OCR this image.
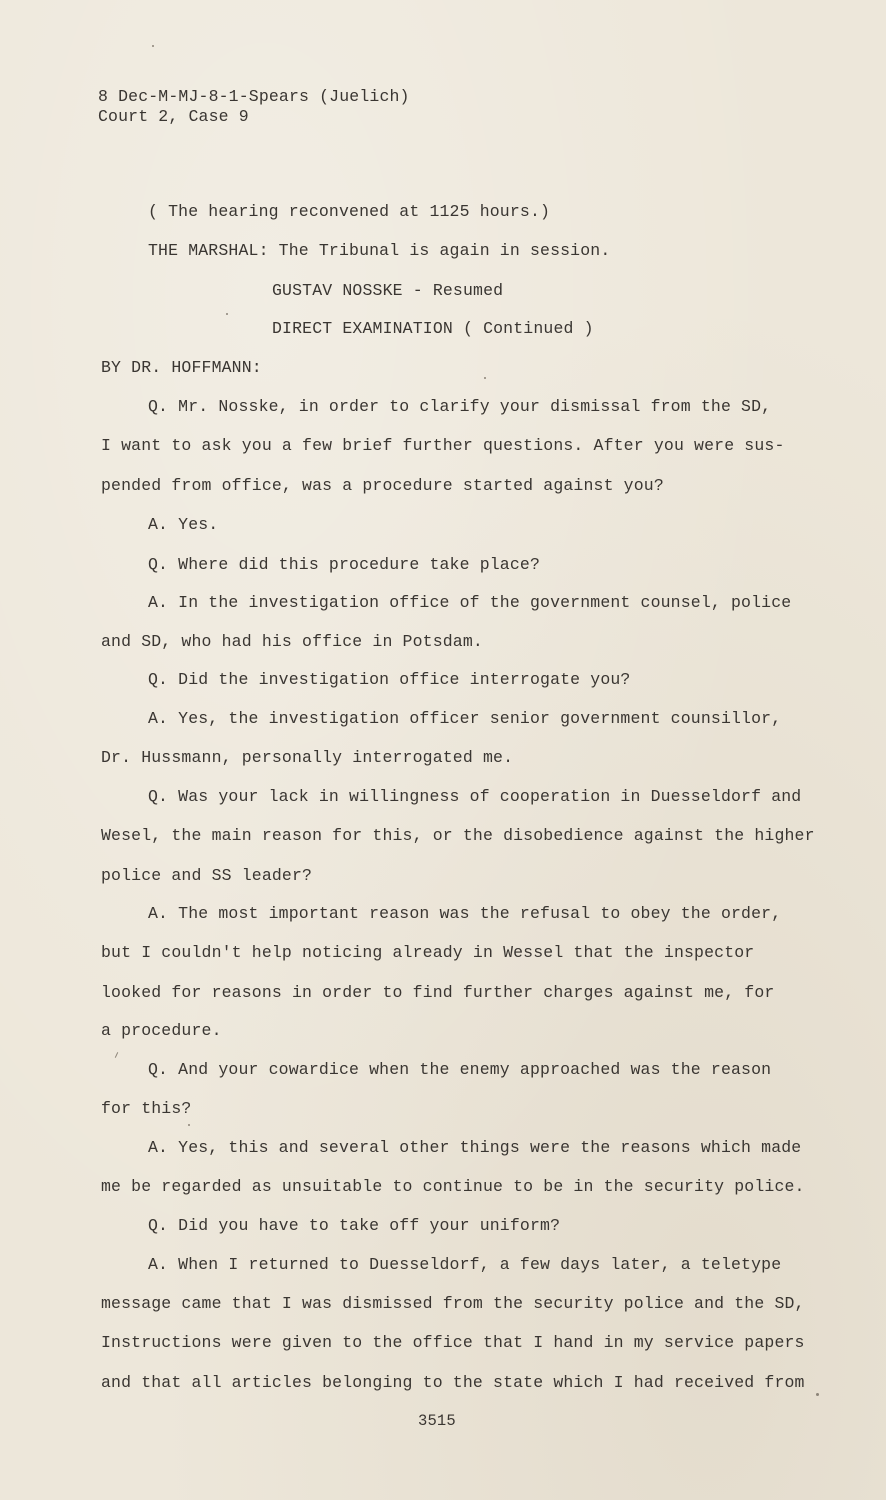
8 Dec-M-MJ-8-1-Spears (Juelich)
Court 2, Case 9
( The hearing reconvened at 1125 hours.)
THE MARSHAL: The Tribunal is again in session.
GUSTAV NOSSKE - Resumed
DIRECT EXAMINATION ( Continued )
BY DR. HOFFMANN:
Q. Mr. Nosske, in order to clarify your dismissal from the SD,
I want to ask you a few brief further questions. After you were sus-
pended from office, was a procedure started against you?
A. Yes.
Q. Where did this procedure take place?
A. In the investigation office of the government counsel, police
and SD, who had his office in Potsdam.
Q. Did the investigation office interrogate you?
A. Yes, the investigation officer senior government counsillor,
Dr. Hussmann, personally interrogated me.
Q. Was your lack in willingness of cooperation in Duesseldorf and
Wesel, the main reason for this, or the disobedience against the higher
police and SS leader?
A. The most important reason was the refusal to obey the order,
but I couldn't help noticing already in Wessel that the inspector
looked for reasons in order to find further charges against me, for
a procedure.
Q. And your cowardice when the enemy approached was the reason
for this?
A. Yes, this and several other things were the reasons which made
me be regarded as unsuitable to continue to be in the security police.
Q. Did you have to take off your uniform?
A. When I returned to Duesseldorf, a few days later, a teletype
message came that I was dismissed from the security police and the SD,
Instructions were given to the office that I hand in my service papers
and that all articles belonging to the state which I had received from
3515
